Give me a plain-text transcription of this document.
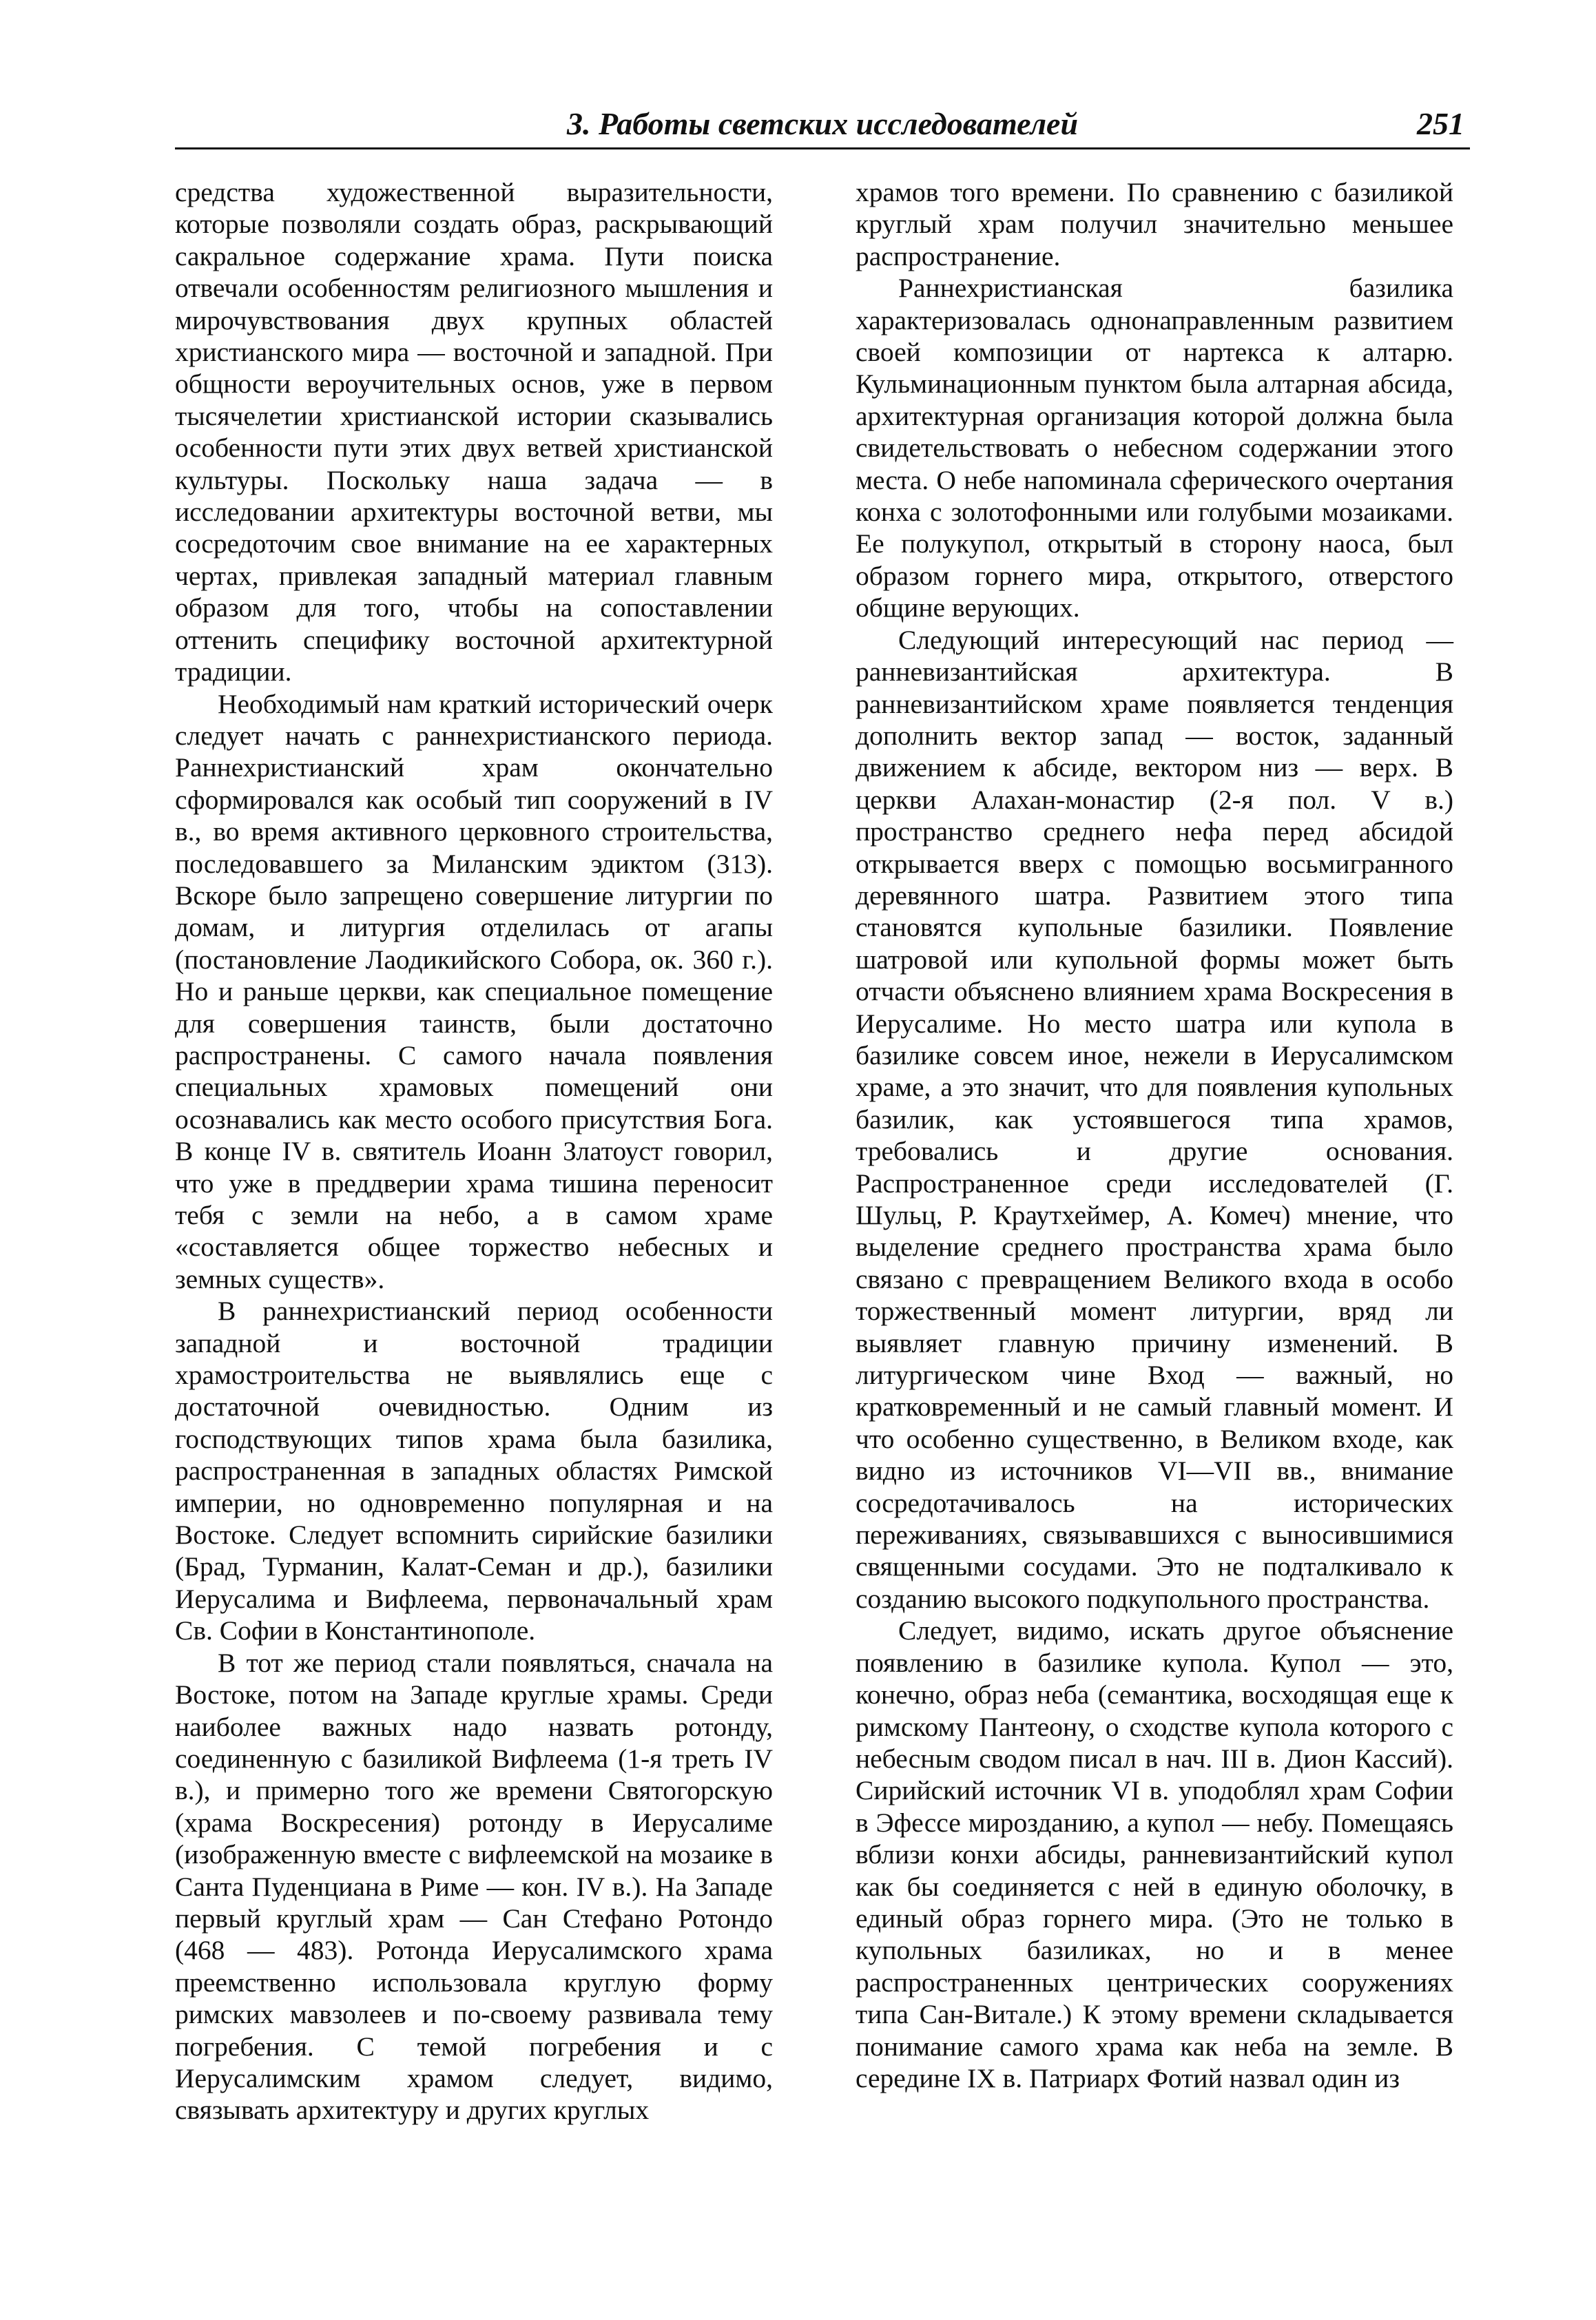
3. Работы светских исследователей	251

средства художественной выразительности, которые позволяли создать образ, раскрывающий сакральное содержание храма. Пути поиска отвечали особенностям религиозного мышления и мирочувствования двух крупных областей христианского мира — восточной и западной. При общности вероучительных основ, уже в первом тысячелетии христианской истории сказывались особенности пути этих двух ветвей христианской культуры. Поскольку наша задача — в исследовании архитектуры восточной ветви, мы сосредоточим свое внимание на ее характерных чертах, привлекая западный материал главным образом для того, чтобы на сопоставлении оттенить специфику восточной архитектурной традиции.

Необходимый нам краткий исторический очерк следует начать с раннехристианского периода. Раннехристианский храм окончательно сформировался как особый тип сооружений в IV в., во время активного церковного строительства, последовавшего за Миланским эдиктом (313). Вскоре было запрещено совершение литургии по домам, и литургия отделилась от агапы (постановление Лаодикийского Собора, ок. 360 г.). Но и раньше церкви, как специальное помещение для совершения таинств, были достаточно распространены. С самого начала появления специальных храмовых помещений они осознавались как место особого присутствия Бога. В конце IV в. святитель Иоанн Златоуст говорил, что уже в преддверии храма тишина переносит тебя с земли на небо, а в самом храме «составляется общее торжество небесных и земных существ».

В раннехристианский период особенности западной и восточной традиции храмостроительства не выявлялись еще с достаточной очевидностью. Одним из господствующих типов храма была базилика, распространенная в западных областях Римской империи, но одновременно популярная и на Востоке. Следует вспомнить сирийские базилики (Брад, Турманин, Калат-Семан и др.), базилики Иерусалима и Вифлеема, первоначальный храм Св. Софии в Константинополе.

В тот же период стали появляться, сначала на Востоке, потом на Западе круглые храмы. Среди наиболее важных надо назвать ротонду, соединенную с базиликой Вифлеема (1-я треть IV в.), и примерно того же времени Святогорскую (храма Воскресения) ротонду в Иерусалиме (изображенную вместе с вифлеемской на мозаике в Санта Пуденциана в Риме — кон. IV в.). На Западе первый круглый храм — Сан Стефано Ротондо (468 — 483). Ротонда Иерусалимского храма преемственно использовала круглую форму римских мавзолеев и по-своему развивала тему погребения. С темой погребения и с Иерусалимским храмом следует, видимо, связывать архитектуру и других круглых

храмов того времени. По сравнению с базиликой круглый храм получил значительно меньшее распространение.

Раннехристианская базилика характеризовалась однонаправленным развитием своей композиции от нартекса к алтарю. Кульминационным пунктом была алтарная абсида, архитектурная организация которой должна была свидетельствовать о небесном содержании этого места. О небе напоминала сферического очертания конха с золотофонными или голубыми мозаиками. Ее полукупол, открытый в сторону наоса, был образом горнего мира, открытого, отверстого общине верующих.

Следующий интересующий нас период — ранневизантийская архитектура. В ранневизантийском храме появляется тенденция дополнить вектор запад — восток, заданный движением к абсиде, вектором низ — верх. В церкви Алахан-монастир (2-я пол. V в.) пространство среднего нефа перед абсидой открывается вверх с помощью восьмигранного деревянного шатра. Развитием этого типа становятся купольные базилики. Появление шатровой или купольной формы может быть отчасти объяснено влиянием храма Воскресения в Иерусалиме. Но место шатра или купола в базилике совсем иное, нежели в Иерусалимском храме, а это значит, что для появления купольных базилик, как устоявшегося типа храмов, требовались и другие основания. Распространенное среди исследователей (Г. Шульц, Р. Краутхеймер, А. Комеч) мнение, что выделение среднего пространства храма было связано с превращением Великого входа в особо торжественный момент литургии, вряд ли выявляет главную причину изменений. В литургическом чине Вход — важный, но кратковременный и не самый главный момент. И что особенно существенно, в Великом входе, как видно из источников VI—VII вв., внимание сосредотачивалось на исторических переживаниях, связывавшихся с выносившимися священными сосудами. Это не подталкивало к созданию высокого подкупольного пространства.

Следует, видимо, искать другое объяснение появлению в базилике купола. Купол — это, конечно, образ неба (семантика, восходящая еще к римскому Пантеону, о сходстве купола которого с небесным сводом писал в нач. III в. Дион Кассий). Сирийский источник VI в. уподоблял храм Софии в Эфессе мирозданию, а купол — небу. Помещаясь вблизи конхи абсиды, ранневизантийский купол как бы соединяется с ней в единую оболочку, в единый образ горнего мира. (Это не только в купольных базиликах, но и в менее распространенных центрических сооружениях типа Сан-Витале.) К этому времени складывается понимание самого храма как неба на земле. В середине IX в. Патриарх Фотий назвал один из
